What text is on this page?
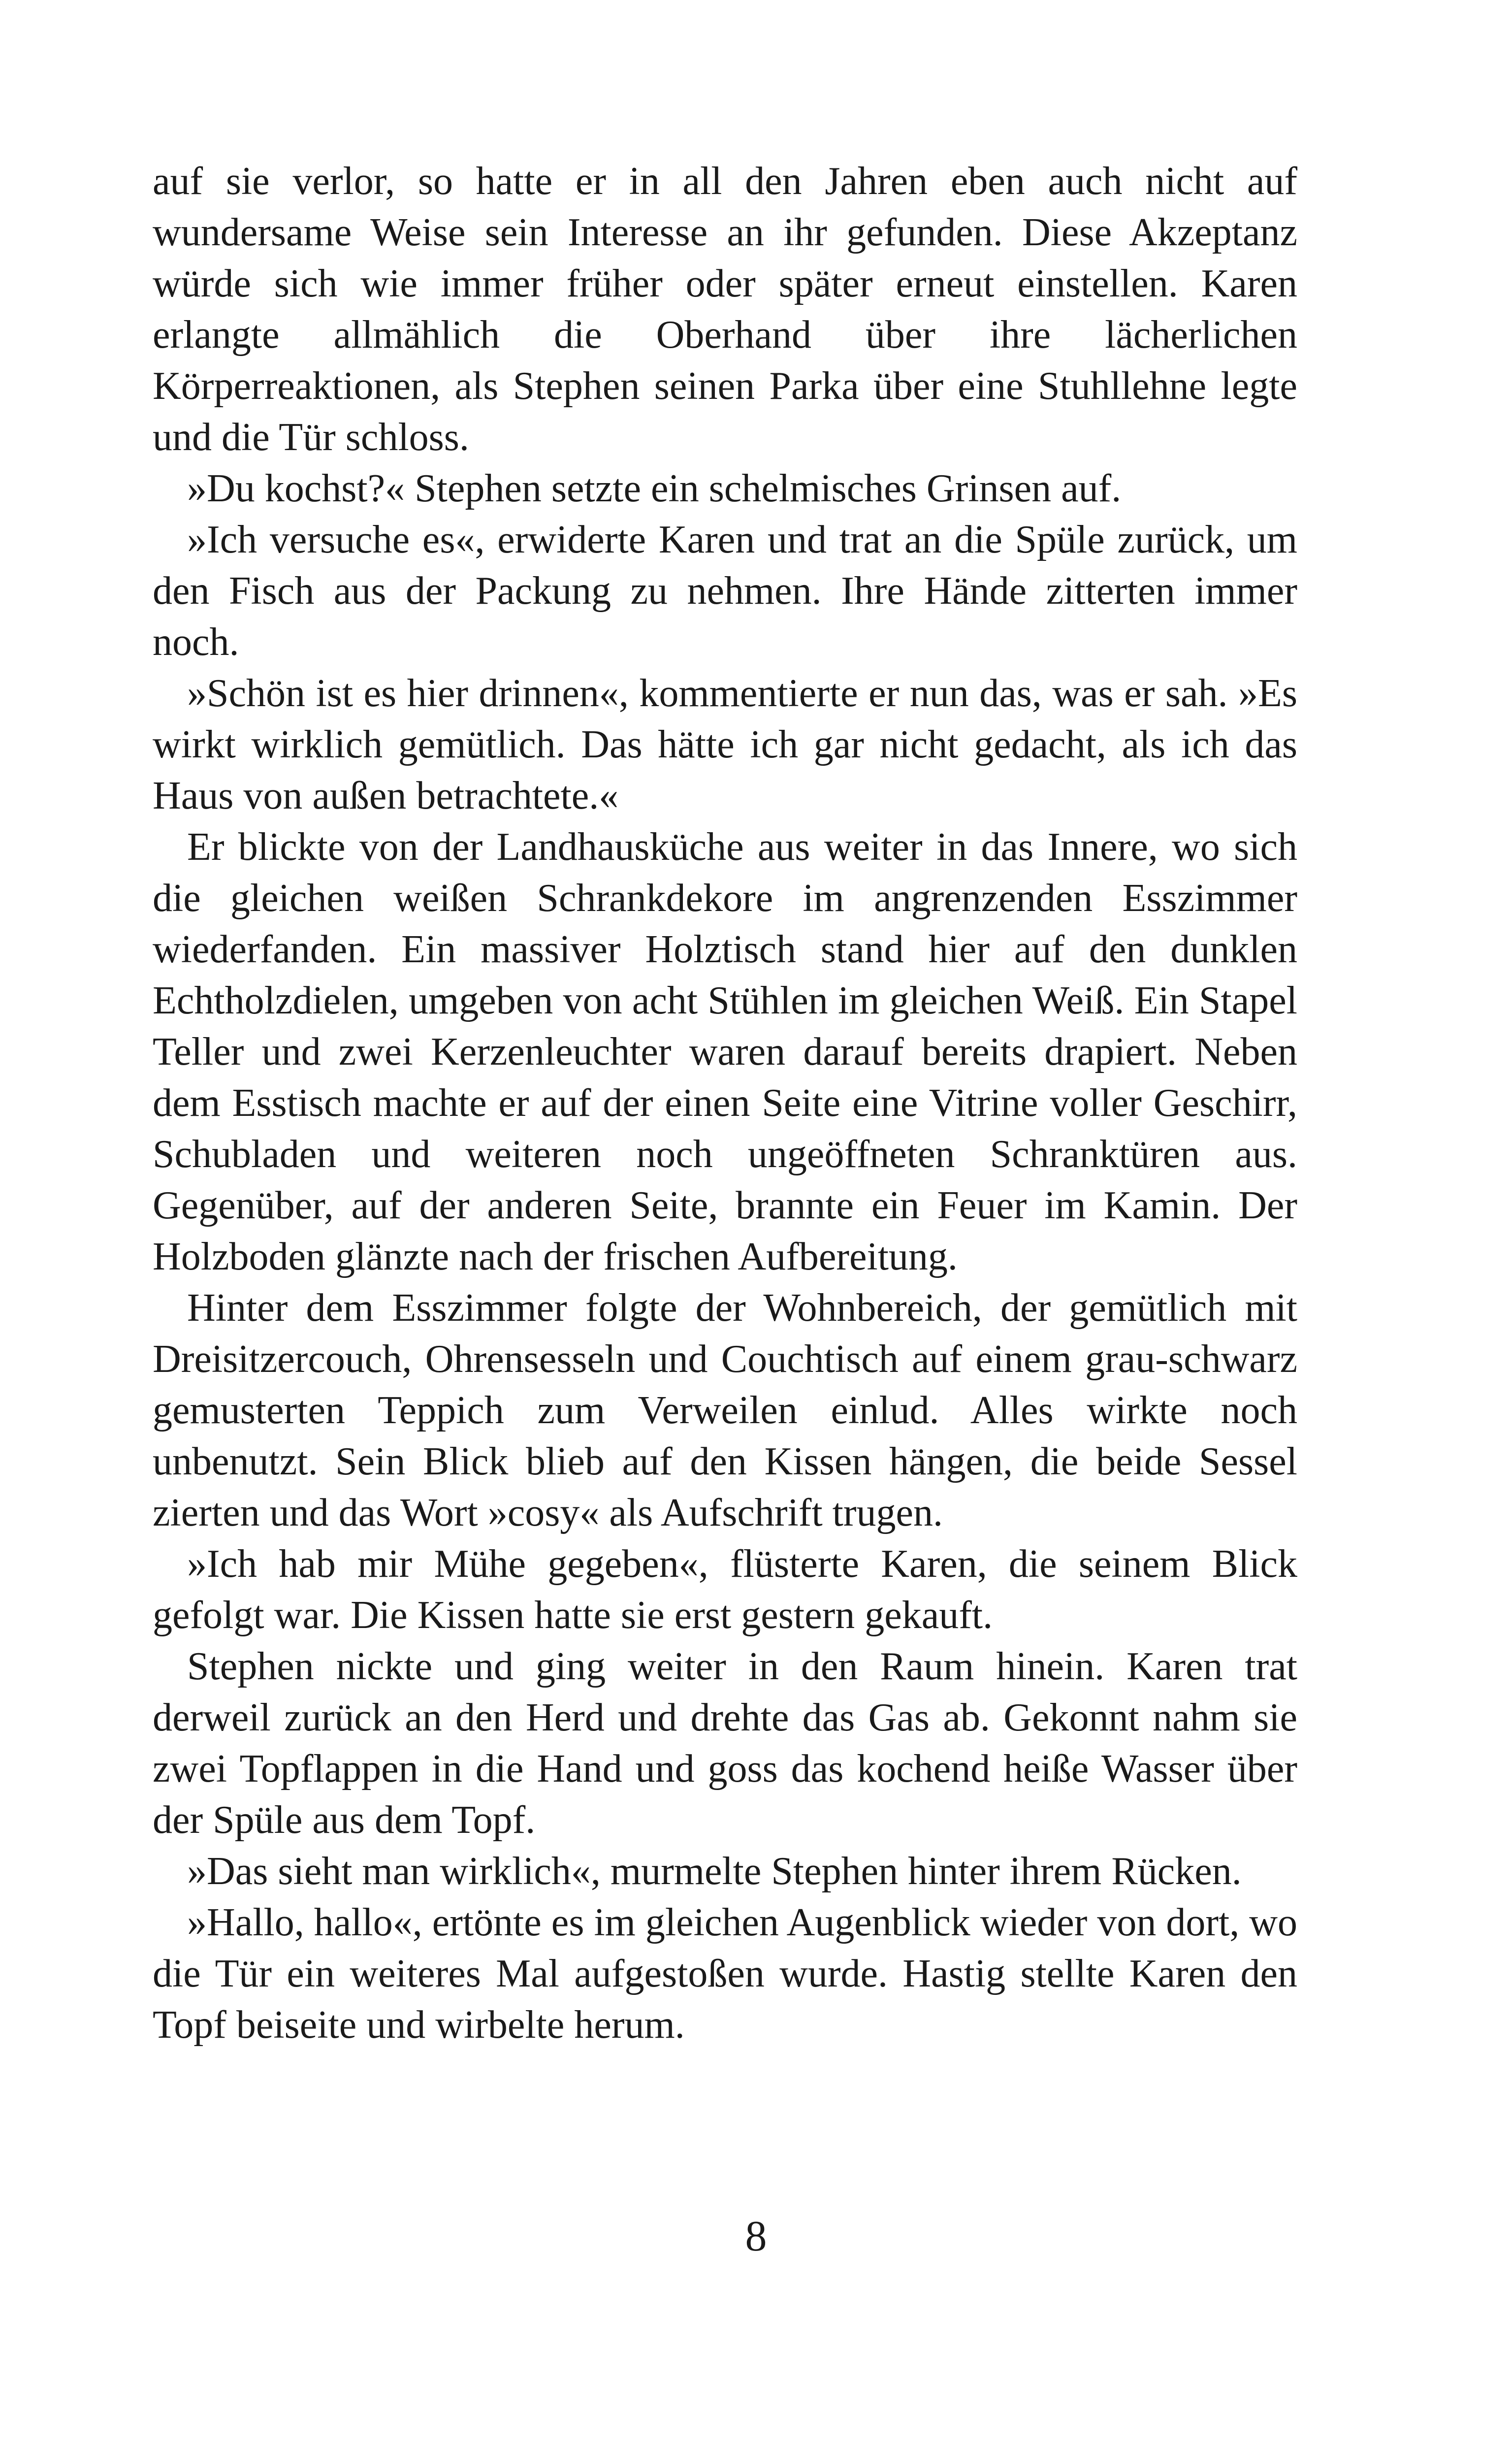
auf sie verlor, so hatte er in all den Jahren eben auch nicht auf wundersame Weise sein Interesse an ihr gefunden. Diese Akzeptanz würde sich wie immer früher oder später erneut einstellen. Karen erlangte allmählich die Oberhand über ihre lächerlichen Körperreaktionen, als Stephen seinen Parka über eine Stuhllehne legte und die Tür schloss.

»Du kochst?« Stephen setzte ein schelmisches Grinsen auf.

»Ich versuche es«, erwiderte Karen und trat an die Spüle zurück, um den Fisch aus der Packung zu nehmen. Ihre Hände zitterten immer noch.

»Schön ist es hier drinnen«, kommentierte er nun das, was er sah. »Es wirkt wirklich gemütlich. Das hätte ich gar nicht gedacht, als ich das Haus von außen betrachtete.«

Er blickte von der Landhausküche aus weiter in das Innere, wo sich die gleichen weißen Schrankdekore im angrenzenden Esszimmer wiederfanden. Ein massiver Holztisch stand hier auf den dunklen Echtholzdielen, umgeben von acht Stühlen im gleichen Weiß. Ein Stapel Teller und zwei Kerzenleuchter waren darauf bereits drapiert. Neben dem Esstisch machte er auf der einen Seite eine Vitrine voller Geschirr, Schubladen und weiteren noch ungeöffneten Schranktüren aus. Gegenüber, auf der anderen Seite, brannte ein Feuer im Kamin. Der Holzboden glänzte nach der frischen Aufbereitung.

Hinter dem Esszimmer folgte der Wohnbereich, der gemütlich mit Dreisitzercouch, Ohrensesseln und Couchtisch auf einem grau-schwarz gemusterten Teppich zum Verweilen einlud. Alles wirkte noch unbenutzt. Sein Blick blieb auf den Kissen hängen, die beide Sessel zierten und das Wort »cosy« als Aufschrift trugen.

»Ich hab mir Mühe gegeben«, flüsterte Karen, die seinem Blick gefolgt war. Die Kissen hatte sie erst gestern gekauft.

Stephen nickte und ging weiter in den Raum hinein. Karen trat derweil zurück an den Herd und drehte das Gas ab. Gekonnt nahm sie zwei Topflappen in die Hand und goss das kochend heiße Wasser über der Spüle aus dem Topf.

»Das sieht man wirklich«, murmelte Stephen hinter ihrem Rücken.

»Hallo, hallo«, ertönte es im gleichen Augenblick wieder von dort, wo die Tür ein weiteres Mal aufgestoßen wurde. Hastig stellte Karen den Topf beiseite und wirbelte herum.

8
